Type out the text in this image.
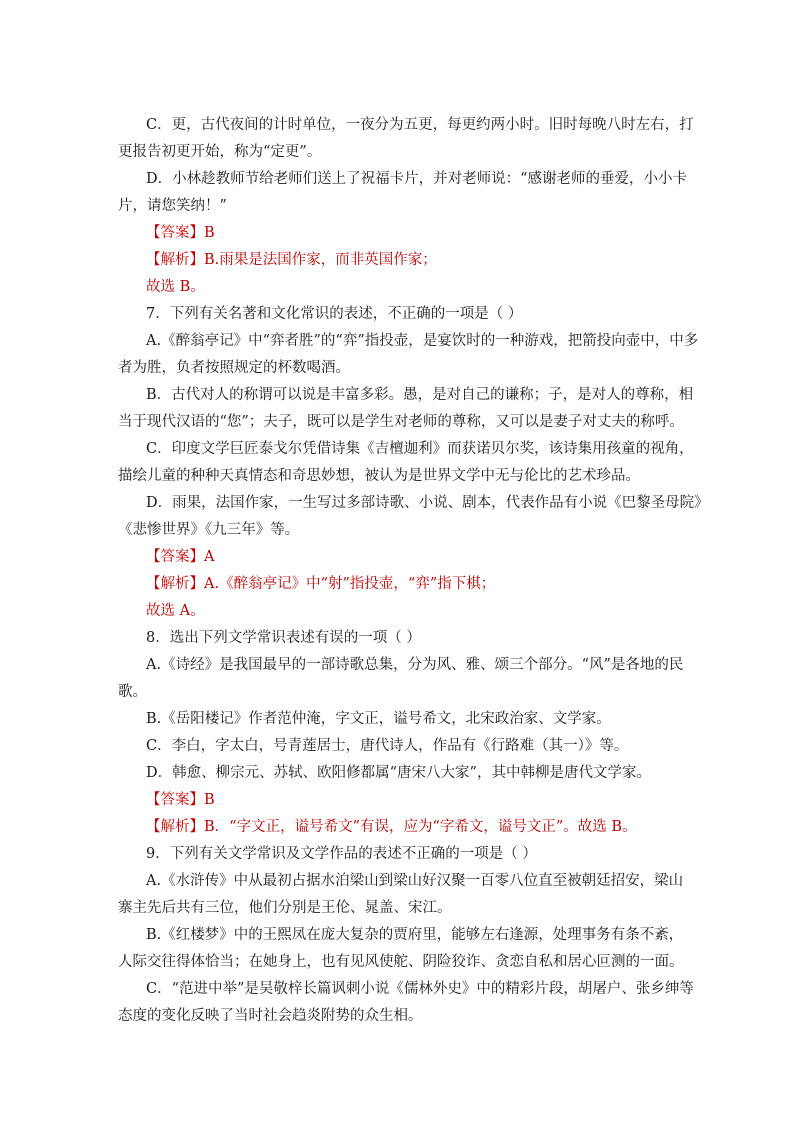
C．更，古代夜间的计时单位，一夜分为五更，每更约两小时。旧时每晚八时左右，打
更报告初更开始，称为“定更”。
D．小林趁教师节给老师们送上了祝福卡片，并对老师说：“感谢老师的垂爱，小小卡
片，请您笑纳！”
【答案】B
【解析】B.雨果是法国作家，而非英国作家；
故选 B。
7．下列有关名著和文化常识的表述，不正确的一项是（ ）
A.《醉翁亭记》中“弈者胜”的“弈”指投壶，是宴饮时的一种游戏，把箭投向壶中，中多
者为胜，负者按照规定的杯数喝酒。
B．古代对人的称谓可以说是丰富多彩。愚，是对自己的谦称；子，是对人的尊称，相
当于现代汉语的“您”；夫子，既可以是学生对老师的尊称，又可以是妻子对丈夫的称呼。
C．印度文学巨匠泰戈尔凭借诗集《吉檀迦利》而获诺贝尔奖，该诗集用孩童的视角，
描绘儿童的种种天真情态和奇思妙想，被认为是世界文学中无与伦比的艺术珍品。
D．雨果，法国作家，一生写过多部诗歌、小说、剧本，代表作品有小说《巴黎圣母院》
《悲惨世界》《九三年》等。
【答案】A
【解析】A.《醉翁亭记》中“射”指投壶，“弈”指下棋；
故选 A。
8．选出下列文学常识表述有误的一项（ ）
A.《诗经》是我国最早的一部诗歌总集，分为风、雅、颂三个部分。“风”是各地的民
歌。
B.《岳阳楼记》作者范仲淹，字文正，谥号希文，北宋政治家、文学家。
C．李白，字太白，号青莲居士，唐代诗人，作品有《行路难（其一）》等。
D．韩愈、柳宗元、苏轼、欧阳修都属“唐宋八大家”，其中韩柳是唐代文学家。
【答案】B
【解析】B．“字文正，谥号希文”有误，应为“字希文，谥号文正”。故选 B。
9．下列有关文学常识及文学作品的表述不正确的一项是（ ）
A.《水浒传》中从最初占据水泊梁山到梁山好汉聚一百零八位直至被朝廷招安，梁山
寨主先后共有三位，他们分别是王伦、晁盖、宋江。
B.《红楼梦》中的王熙凤在庞大复杂的贾府里，能够左右逢源，处理事务有条不紊，
人际交往得体恰当；在她身上，也有见风使舵、阴险狡诈、贪恋自私和居心叵测的一面。
C．“范进中举”是吴敬梓长篇讽刺小说《儒林外史》中的精彩片段，胡屠户、张乡绅等
态度的变化反映了当时社会趋炎附势的众生相。
